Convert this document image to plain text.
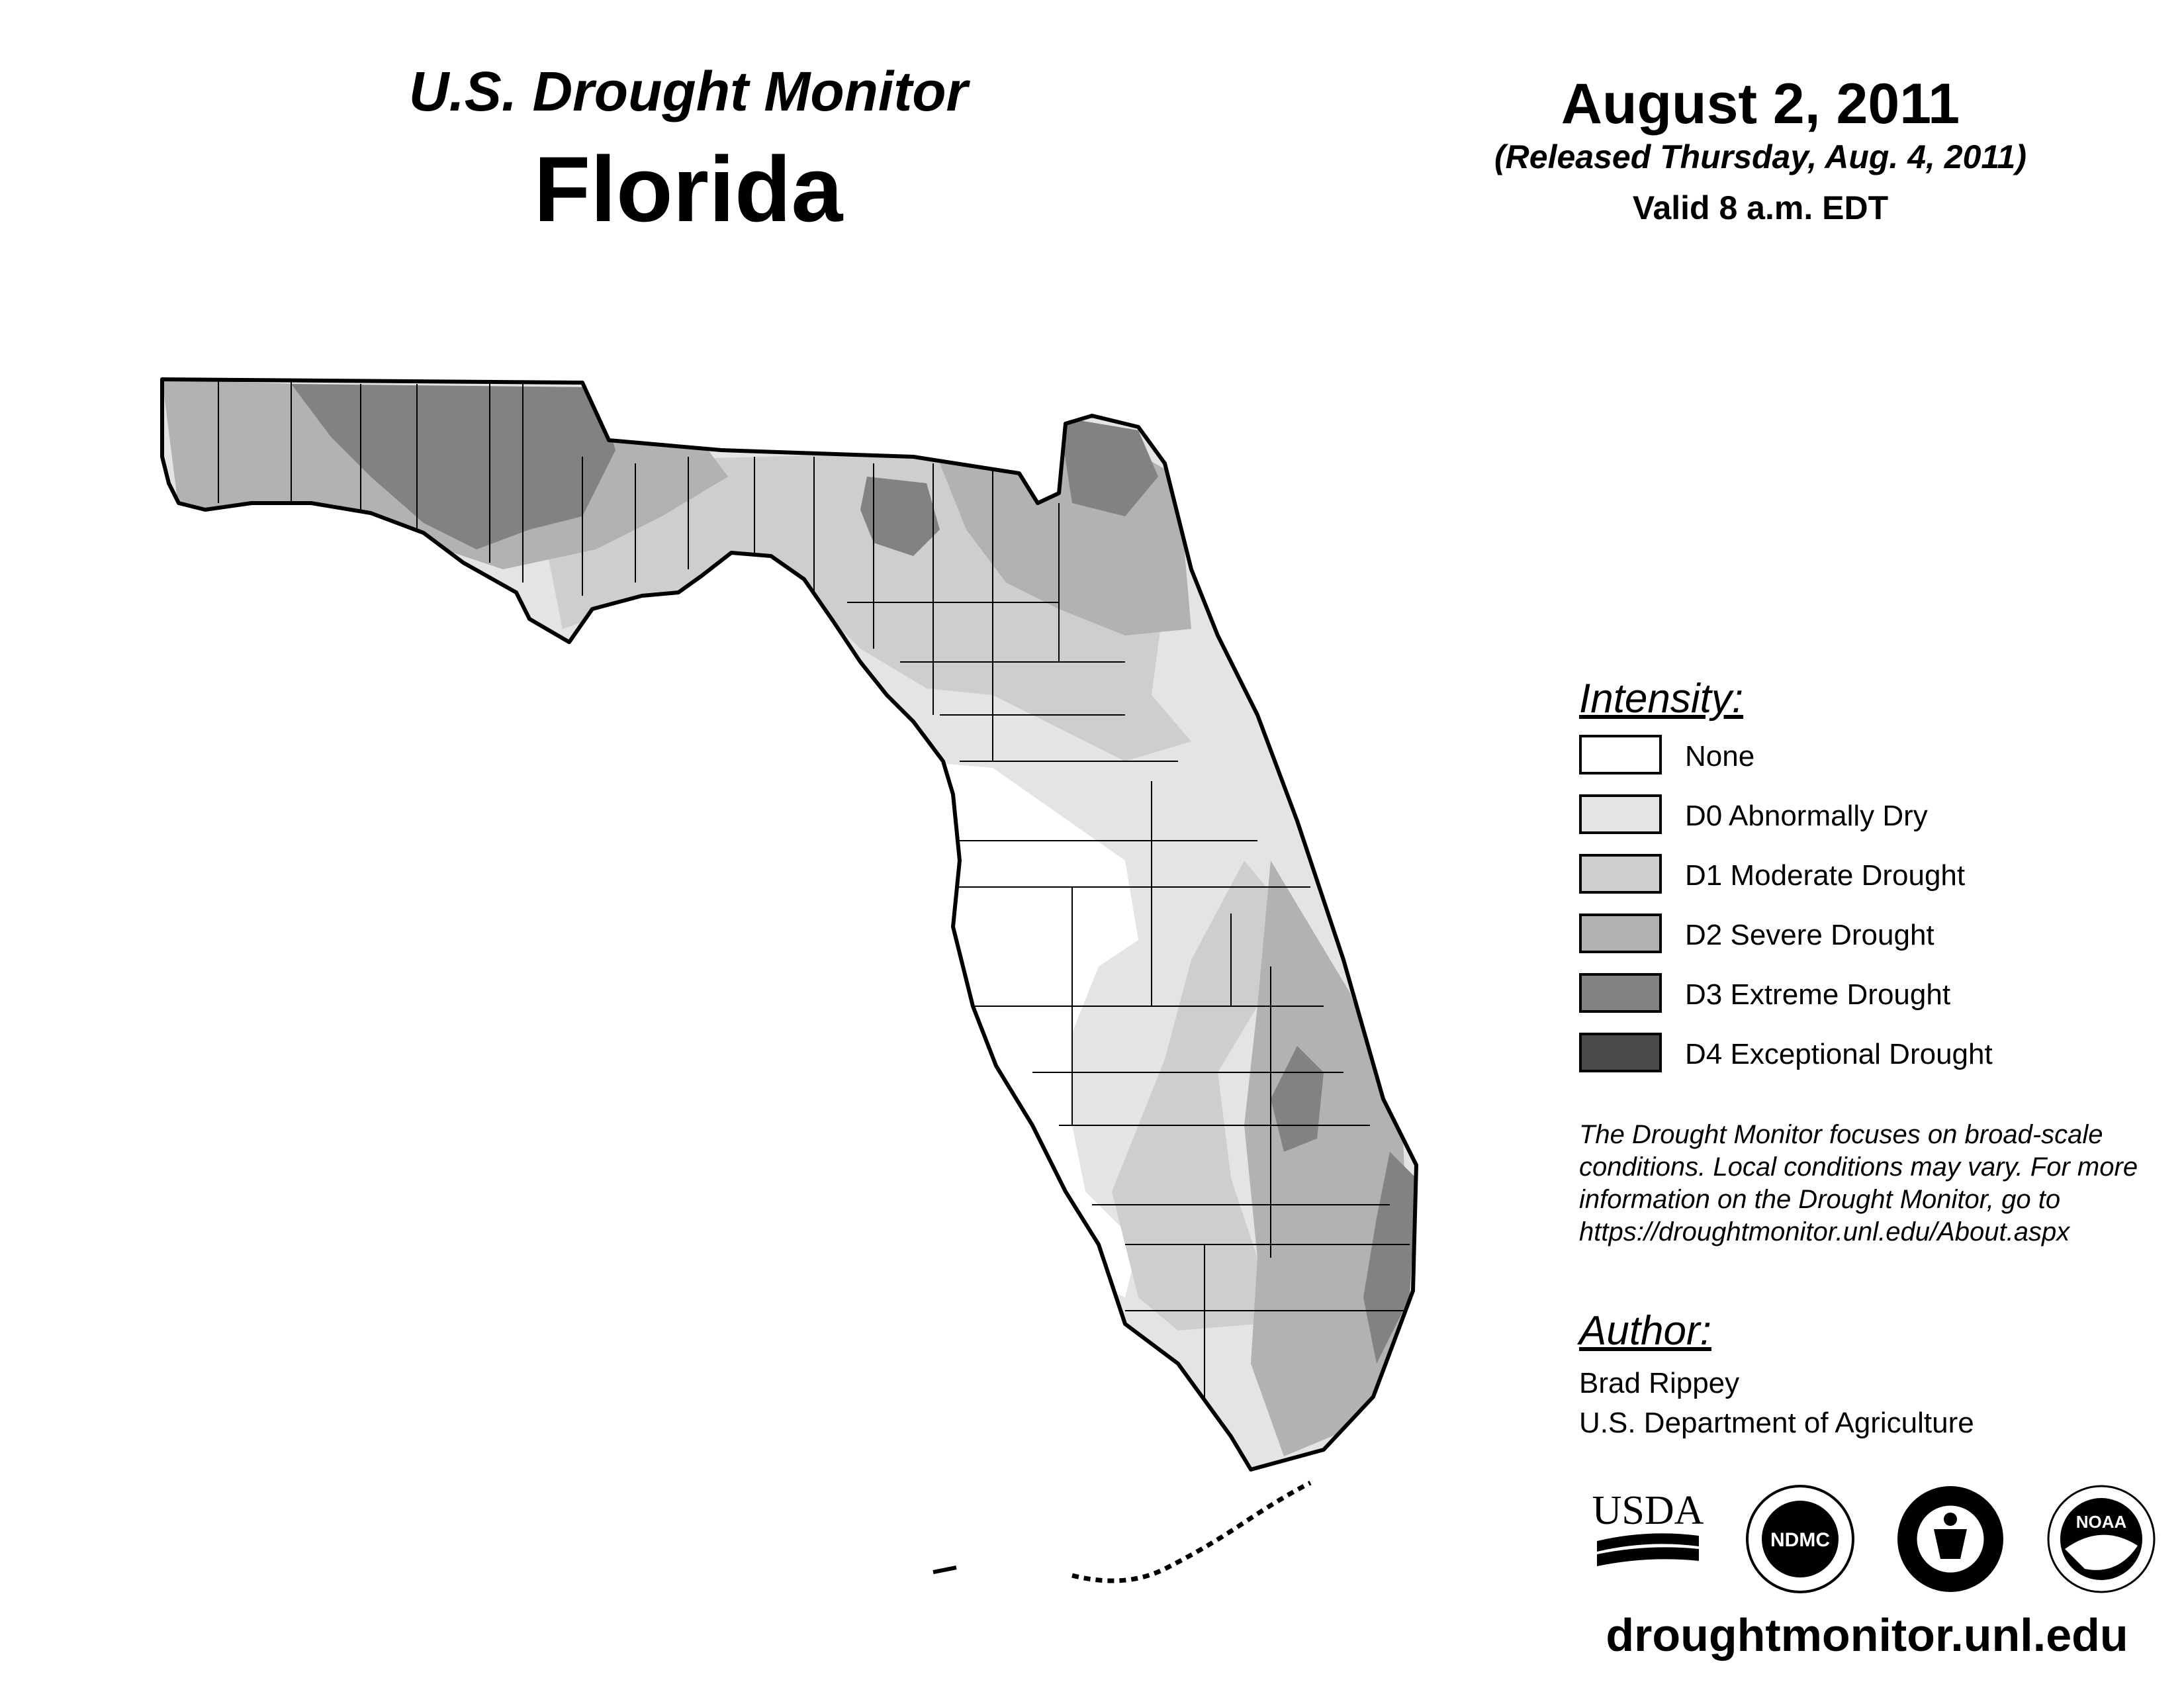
U.S. Drought Monitor
Florida
August 2, 2011
(Released Thursday, Aug. 4, 2011)
Valid 8 a.m. EDT
Intensity:
None
D0 Abnormally Dry
D1 Moderate Drought
D2 Severe Drought
D3 Extreme Drought
D4 Exceptional Drought
The Drought Monitor focuses on broad-scale conditions. Local conditions may vary. For more information on the Drought Monitor, go to https://droughtmonitor.unl.edu/About.aspx
Author:
Brad Rippey
U.S. Department of Agriculture
USDA
NDMC
NOAA
droughtmonitor.unl.edu
